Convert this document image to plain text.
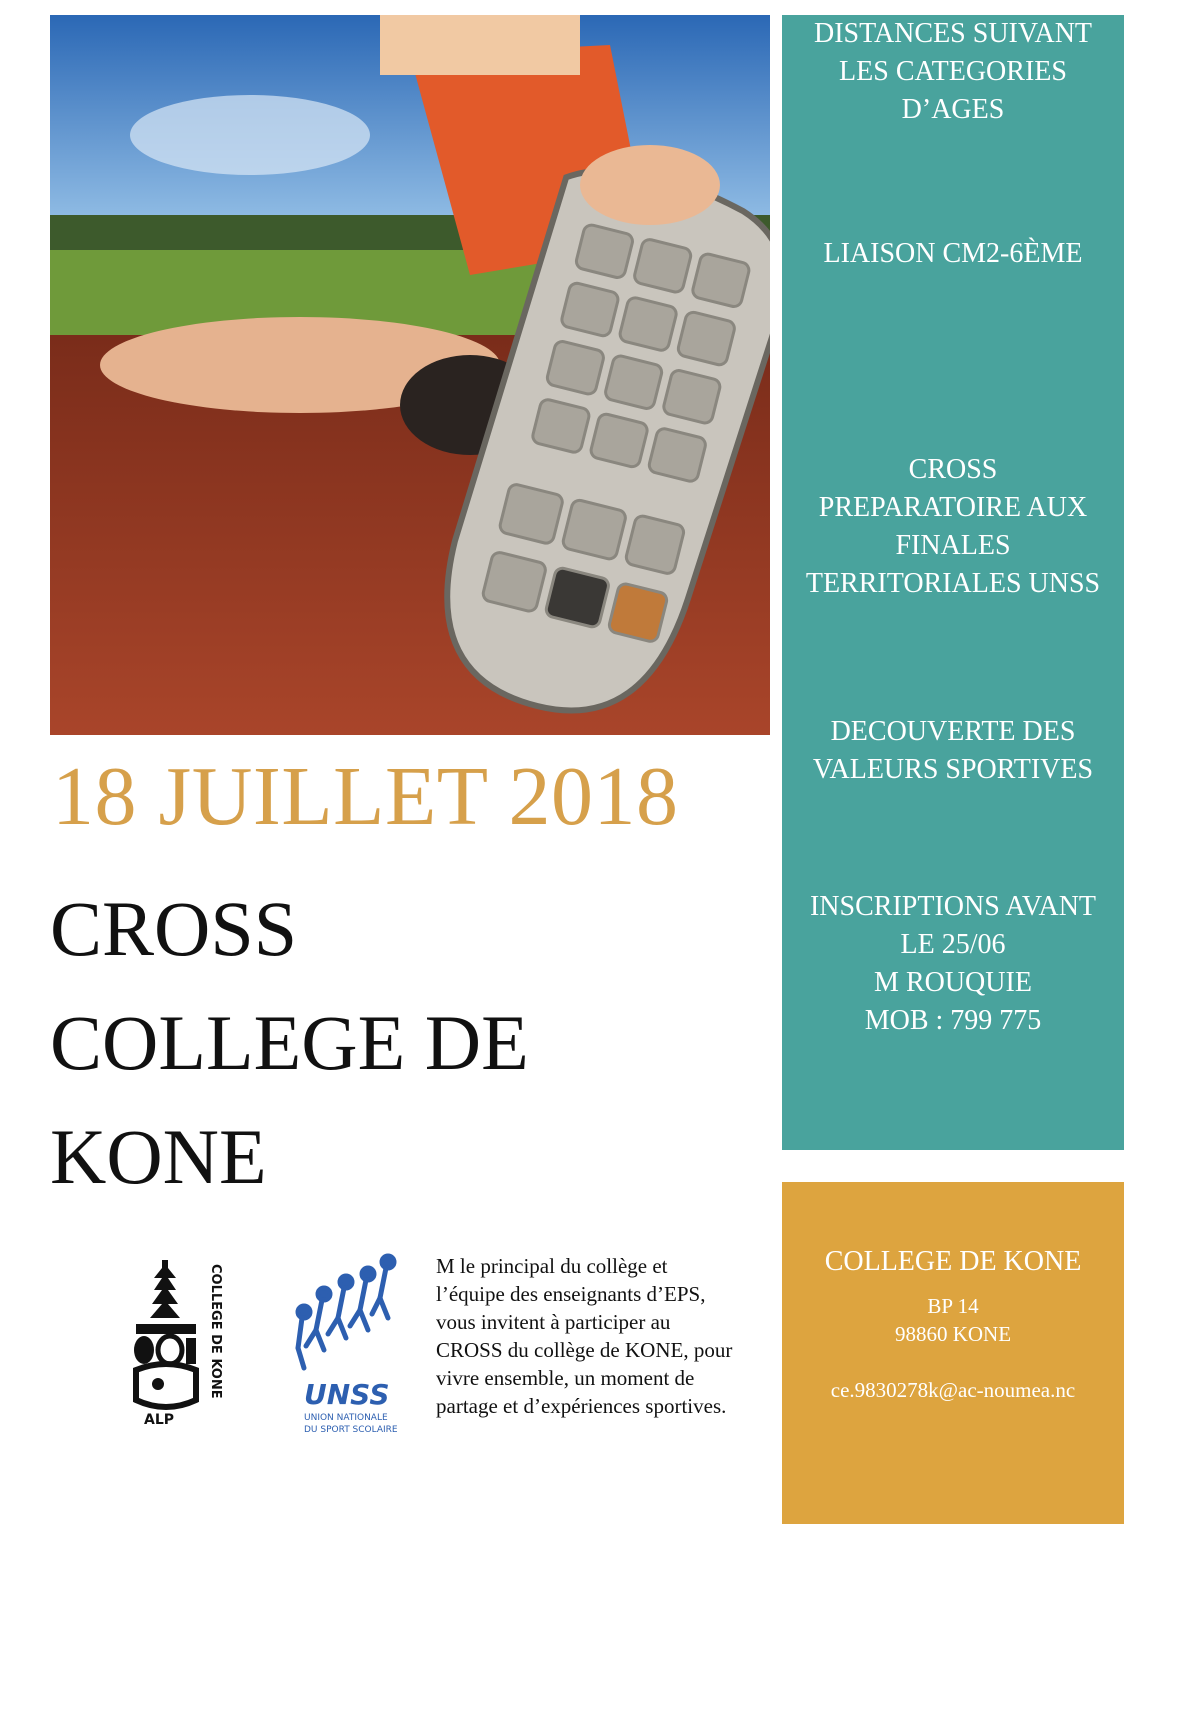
18 JUILLET 2018
CROSS
COLLEGE DE
KONE
DISTANCES SUIVANT
LES CATEGORIES
D’AGES
LIAISON CM2-6ÈME
CROSS
PREPARATOIRE AUX
FINALES
TERRITORIALES UNSS
DECOUVERTE DES
VALEURS SPORTIVES
INSCRIPTIONS AVANT
LE 25/06
M ROUQUIE
MOB : 799 775
COLLEGE DE KONE
BP 14
98860 KONE
ce.9830278k@ac-noumea.nc
ALP
COLLEGE DE KONE	UNSS
UNION NATIONALE
DU SPORT SCOLAIRE

M le principal du collège et l’équipe des enseignants d’EPS, vous invitent à participer au CROSS du collège de KONE, pour vivre ensemble, un moment de partage et d’expériences sportives.
